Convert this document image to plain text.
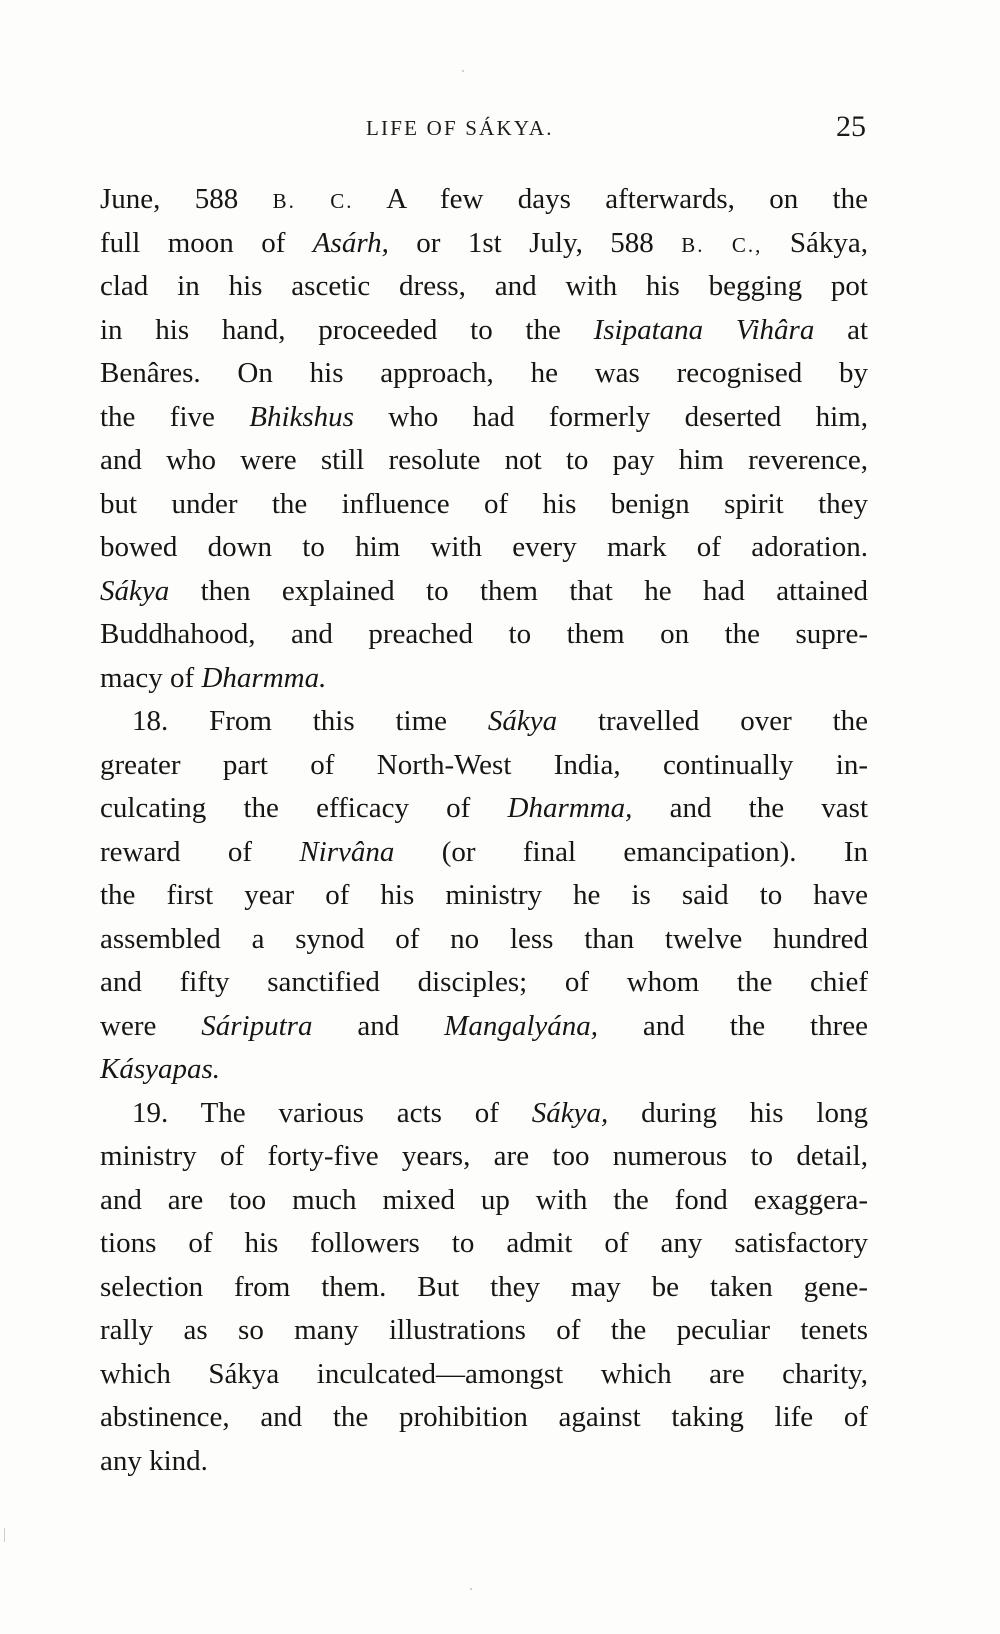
LIFE OF SÁKYA.	25
June, 588 B. C. A few days afterwards, on the
full moon of Asárh, or 1st July, 588 B. C., Sákya,
clad in his ascetic dress, and with his begging pot
in his hand, proceeded to the Isipatana Vihâra at
Benâres. On his approach, he was recognised by
the five Bhikshus who had formerly deserted him,
and who were still resolute not to pay him reverence,
but under the influence of his benign spirit they
bowed down to him with every mark of adoration.
Sákya then explained to them that he had attained
Buddhahood, and preached to them on the supre-
macy of Dharmma.
18. From this time Sákya travelled over the
greater part of North-West India, continually in-
culcating the efficacy of Dharmma, and the vast
reward of Nirvâna (or final emancipation). In
the first year of his ministry he is said to have
assembled a synod of no less than twelve hundred
and fifty sanctified disciples; of whom the chief
were Sáriputra and Mangalyána, and the three
Kásyapas.
19. The various acts of Sákya, during his long
ministry of forty-five years, are too numerous to detail,
and are too much mixed up with the fond exaggera-
tions of his followers to admit of any satisfactory
selection from them. But they may be taken gene-
rally as so many illustrations of the peculiar tenets
which Sákya inculcated—amongst which are charity,
abstinence, and the prohibition against taking life of
any kind.
